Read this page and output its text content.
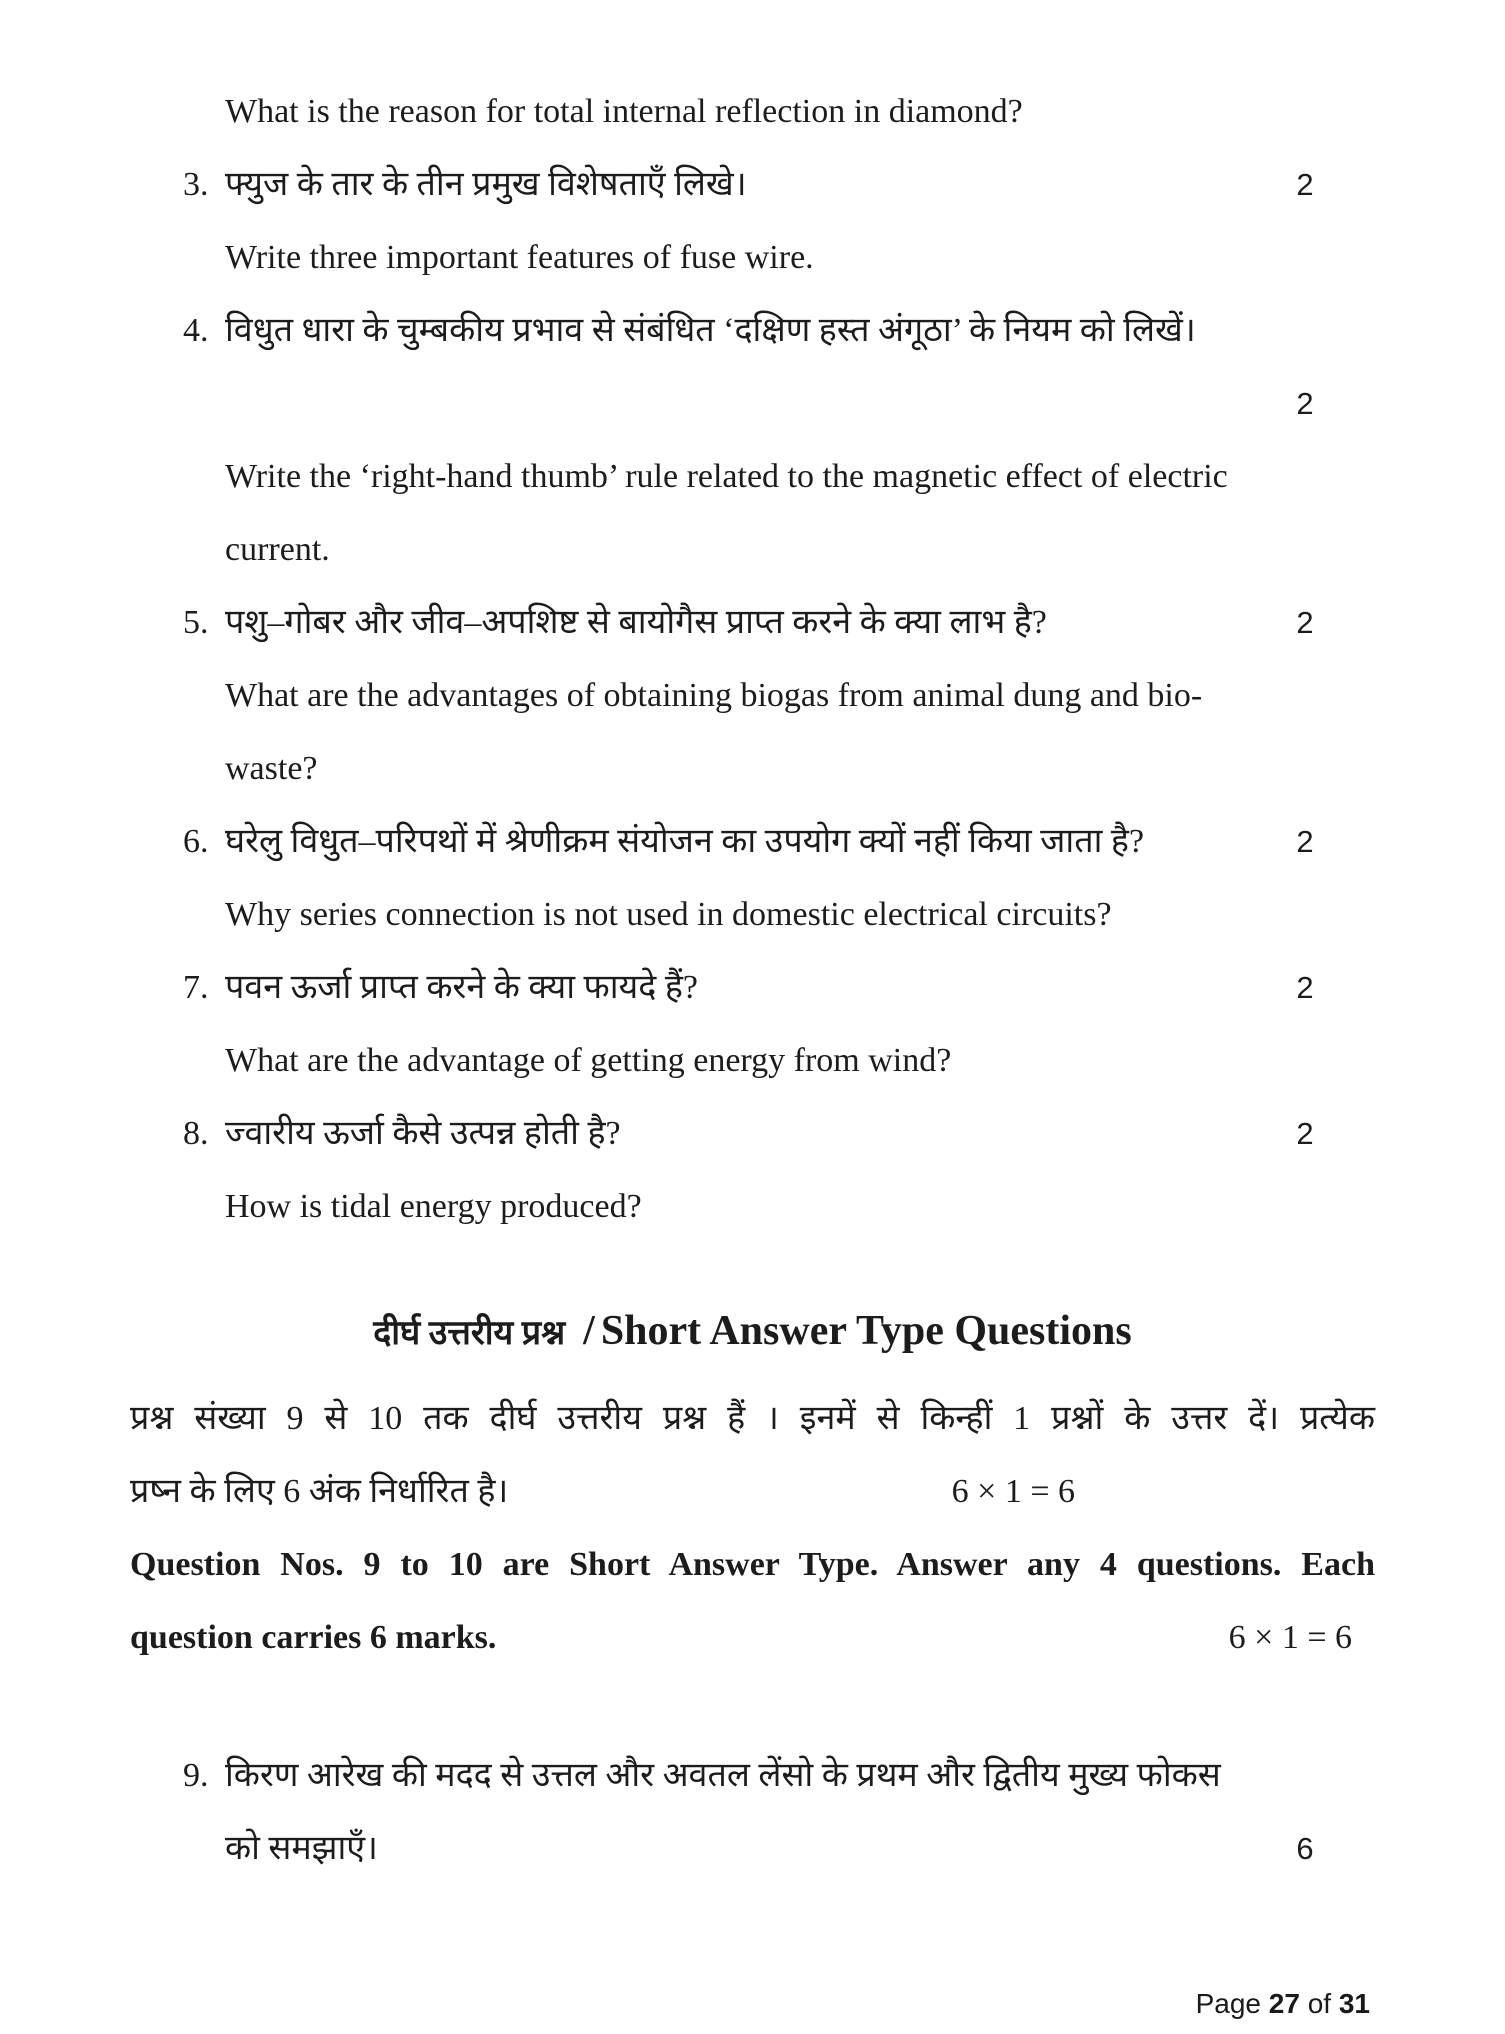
What is the reason for total internal reflection in diamond?
3. फ्युज के तार के तीन प्रमुख विशेषताएँ लिखे।	2
Write three important features of fuse wire.
4. विधुत धारा के चुम्बकीय प्रभाव से संबंधित ‘दक्षिण हस्त अंगूठा’ के नियम को लिखें।
2
Write the ‘right-hand thumb’ rule related to the magnetic effect of electric
current.
5. पशु–गोबर और जीव–अपशिष्ट से बायोगैस प्राप्त करने के क्या लाभ है?	2
What are the advantages of obtaining biogas from animal dung and bio-
waste?
6. घरेलु विधुत–परिपथों में श्रेणीक्रम संयोजन का उपयोग क्यों नहीं किया जाता है?	2
Why series connection is not used in domestic electrical circuits?
7. पवन ऊर्जा प्राप्त करने के क्या फायदे हैं?	2
What are the advantage of getting energy from wind?
8. ज्वारीय ऊर्जा कैसे उत्पन्न होती है?	2
How is tidal energy produced?
दीर्घ उत्तरीय प्रश्न / Short Answer Type Questions
प्रश्न संख्या 9 से 10 तक दीर्घ उत्तरीय प्रश्न हैं । इनमें से किन्हीं 1 प्रश्नों के उत्तर दें। प्रत्येक
प्रष्न के लिए 6 अंक निर्धारित है।	6 × 1 = 6
Question Nos. 9 to 10 are Short Answer Type. Answer any 4 questions. Each
question carries 6 marks.	6 × 1 = 6
9. किरण आरेख की मदद से उत्तल और अवतल लेंसो के प्रथम और द्वितीय मुख्य फोकस
को समझाएँ।	6
Page 27 of 31
